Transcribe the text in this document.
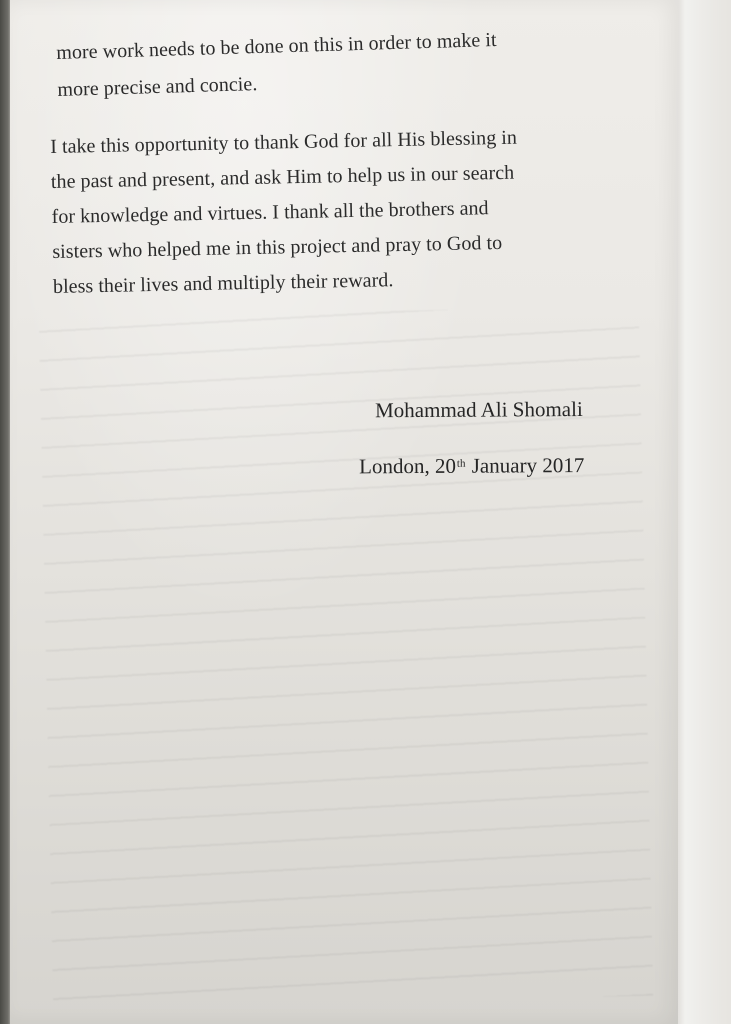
more work needs to be done on this in order to make it
more precise and concie.
I take this opportunity to thank God for all His blessing in
the past and present, and ask Him to help us in our search
for knowledge and virtues. I thank all the brothers and
sisters who helped me in this project and pray to God to
bless their lives and multiply their reward.
Mohammad Ali Shomali
London, 20th January 2017
